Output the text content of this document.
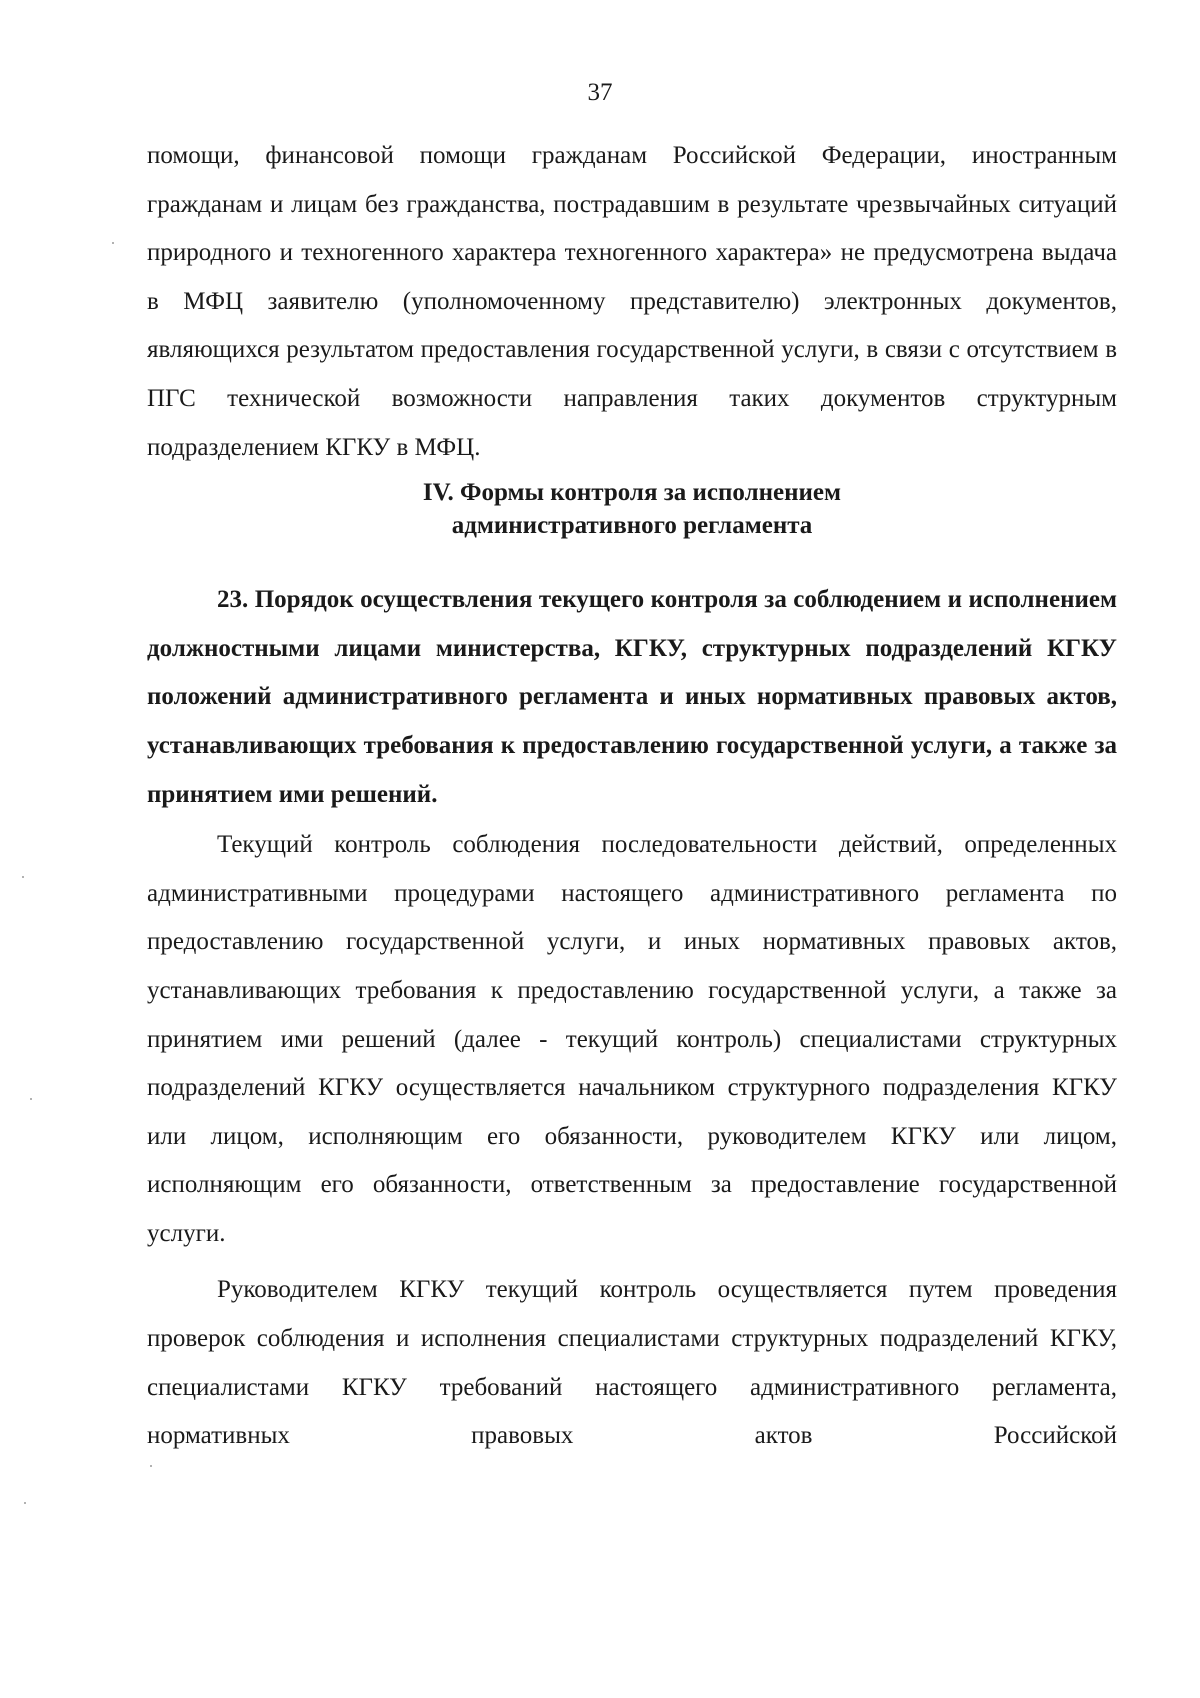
37

помощи, финансовой помощи гражданам Российской Федерации, иностранным гражданам и лицам без гражданства, пострадавшим в результате чрезвычайных ситуаций природного и техногенного характера техногенного характера» не предусмотрена выдача в МФЦ заявителю (уполномоченному представителю) электронных документов, являющихся результатом предоставления государственной услуги, в связи с отсутствием в ПГС технической возможности направления таких документов структурным подразделением КГКУ в МФЦ.

IV. Формы контроля за исполнением
административного регламента

23. Порядок осуществления текущего контроля за соблюдением и исполнением должностными лицами министерства, КГКУ, структурных подразделений КГКУ положений административного регламента и иных нормативных правовых актов, устанавливающих требования к предоставлению государственной услуги, а также за принятием ими решений.

Текущий контроль соблюдения последовательности действий, определенных административными процедурами настоящего административного регламента по предоставлению государственной услуги, и иных нормативных правовых актов, устанавливающих требования к предоставлению государственной услуги, а также за принятием ими решений (далее - текущий контроль) специалистами структурных подразделений КГКУ осуществляется начальником структурного подразделения КГКУ или лицом, исполняющим его обязанности, руководителем КГКУ или лицом, исполняющим его обязанности, ответственным за предоставление государственной услуги.

Руководителем КГКУ текущий контроль осуществляется путем проведения проверок соблюдения и исполнения специалистами структурных подразделений КГКУ, специалистами КГКУ требований настоящего административного регламента, нормативных правовых актов Российской
